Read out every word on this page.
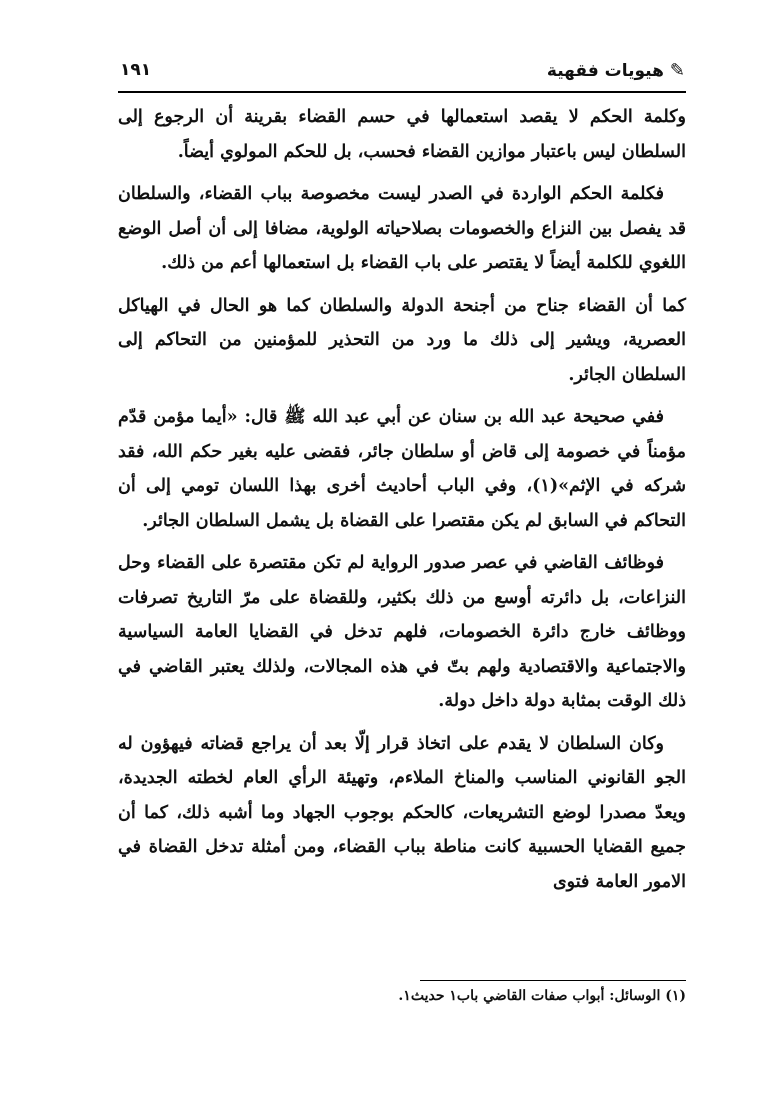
✎
هيويات فقهية
١٩١

وكلمة الحكم لا يقصد استعمالها في حسم القضاء بقرينة أن الرجوع إلى السلطان ليس باعتبار موازين القضاء فحسب، بل للحكم المولوي أيضاً.

فكلمة الحكم الواردة في الصدر ليست مخصوصة بباب القضاء، والسلطان قد يفصل بين النزاع والخصومات بصلاحياته الولوية، مضافا إلى أن أصل الوضع اللغوي للكلمة أيضاً لا يقتصر على باب القضاء بل استعمالها أعم من ذلك.

كما أن القضاء جناح من أجنحة الدولة والسلطان كما هو الحال في الهياكل العصرية، ويشير إلى ذلك ما ورد من التحذير للمؤمنين من التحاكم إلى السلطان الجائر.

ففي صحيحة عبد الله بن سنان عن أبي عبد الله ﷺ قال: «أيما مؤمن قدّم مؤمناً في خصومة إلى قاض أو سلطان جائر، فقضى عليه بغير حكم الله، فقد شركه في الإثم»(١)، وفي الباب أحاديث أخرى بهذا اللسان تومي إلى أن التحاكم في السابق لم يكن مقتصرا على القضاة بل يشمل السلطان الجائر.

فوظائف القاضي في عصر صدور الرواية لم تكن مقتصرة على القضاء وحل النزاعات، بل دائرته أوسع من ذلك بكثير، وللقضاة على مرّ التاريخ تصرفات ووظائف خارج دائرة الخصومات، فلهم تدخل في القضايا العامة السياسية والاجتماعية والاقتصادية ولهم بتّ في هذه المجالات، ولذلك يعتبر القاضي في ذلك الوقت بمثابة دولة داخل دولة.

وكان السلطان لا يقدم على اتخاذ قرار إلّا بعد أن يراجع قضاته فيهؤون له الجو القانوني المناسب والمناخ الملاءم، وتهيئة الرأي العام لخطته الجديدة، ويعدّ مصدرا لوضع التشريعات، كالحكم بوجوب الجهاد وما أشبه ذلك، كما أن جميع القضايا الحسبية كانت مناطة بباب القضاء، ومن أمثلة تدخل القضاة في الامور العامة فتوى

(١) الوسائل: أبواب صفات القاضي باب١ حديث١.
